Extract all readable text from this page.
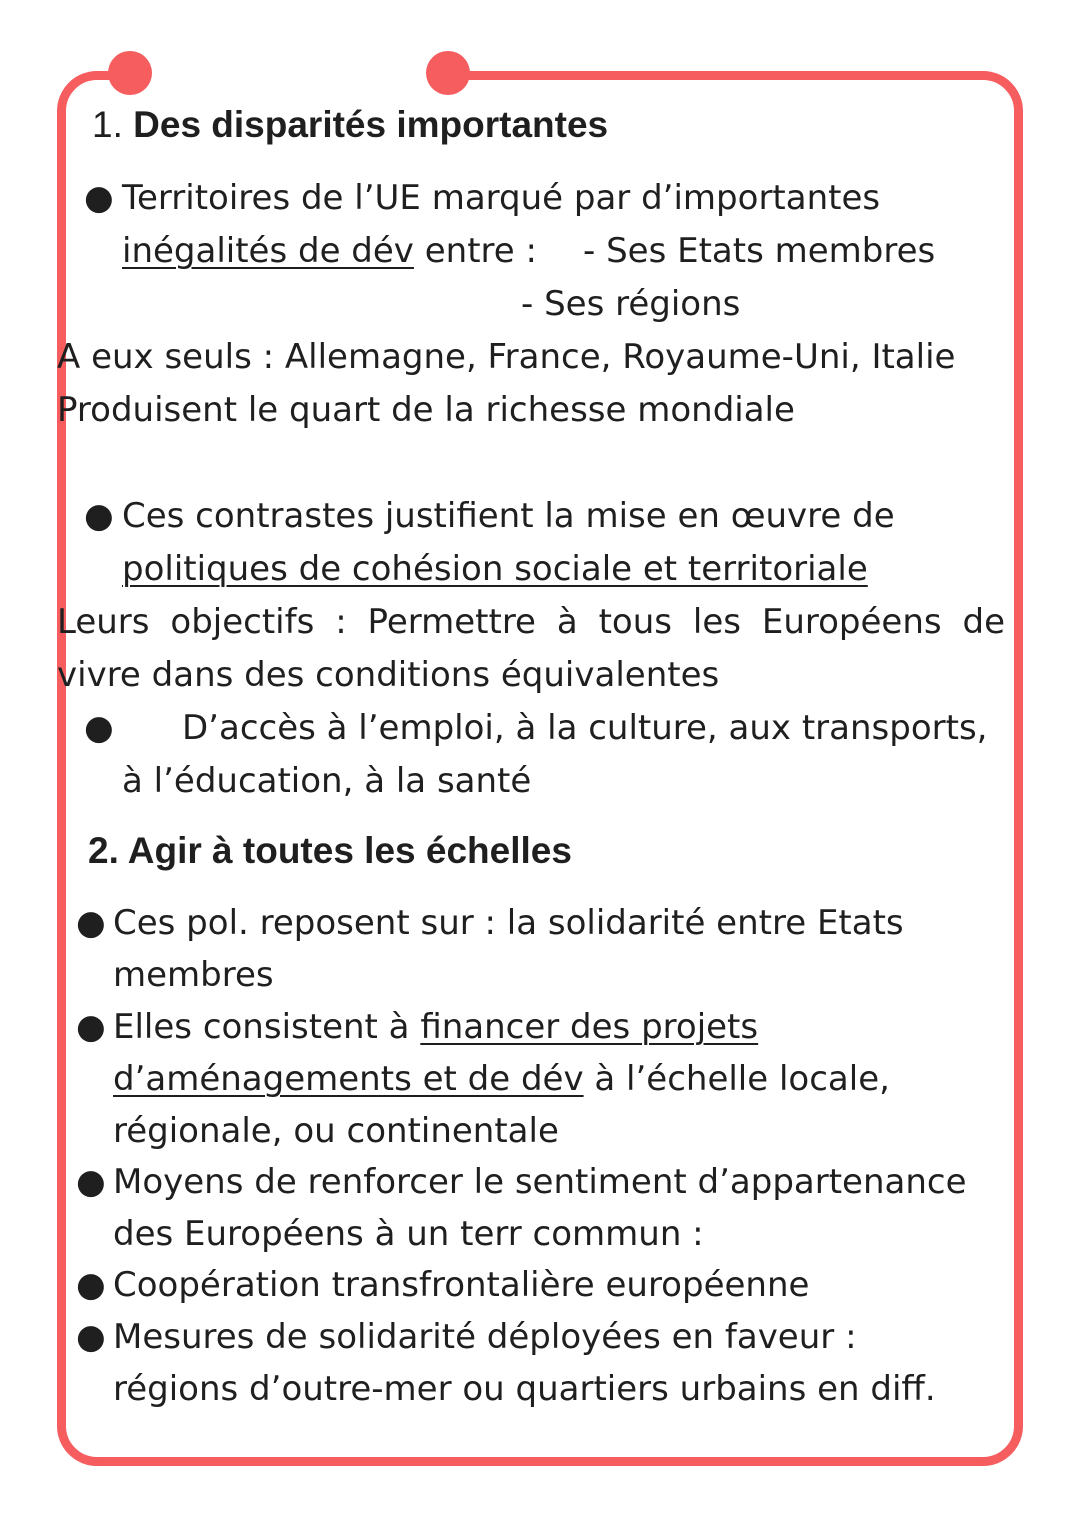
1. Des disparités importantes
● Territoires de l’UE marqué par d’importantes
inégalités de dév entre : - Ses Etats membres
- Ses régions
A eux seuls : Allemagne, France, Royaume-Uni, Italie
Produisent le quart de la richesse mondiale
● Ces contrastes justifient la mise en œuvre de
politiques de cohésion sociale et territoriale
Leurs objectifs : Permettre à tous les Européens de
vivre dans des conditions équivalentes
● D’accès à l’emploi, à la culture, aux transports,
à l’éducation, à la santé
2. Agir à toutes les échelles
● Ces pol. reposent sur : la solidarité entre Etats
membres
● Elles consistent à financer des projets
d’aménagements et de dév à l’échelle locale,
régionale, ou continentale
● Moyens de renforcer le sentiment d’appartenance
des Européens à un terr commun :
● Coopération transfrontalière européenne
● Mesures de solidarité déployées en faveur :
régions d’outre-mer ou quartiers urbains en diff.
